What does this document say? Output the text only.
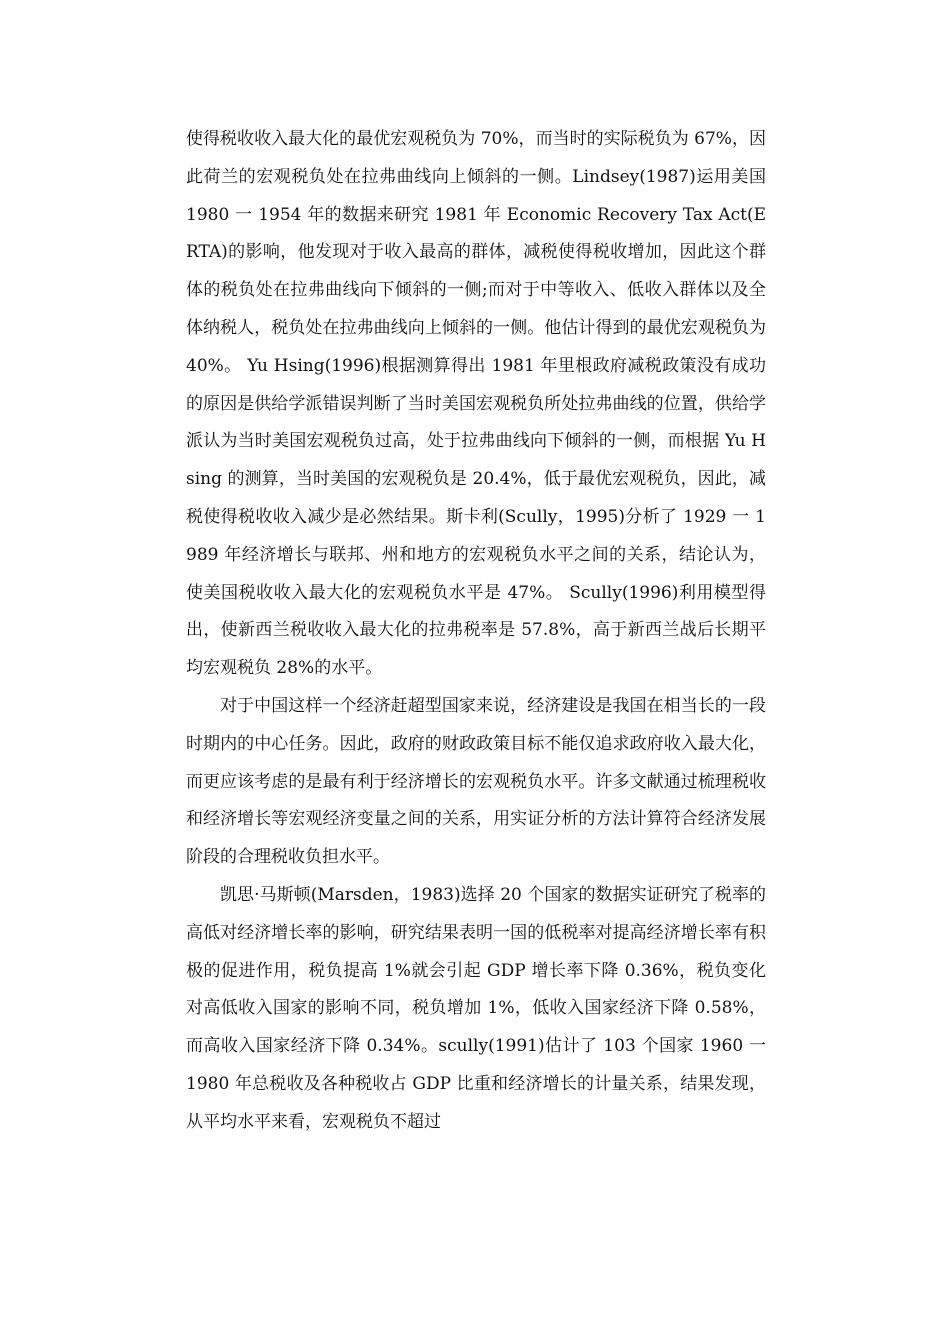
使得税收收入最大化的最优宏观税负为 70%，而当时的实际税负为 67%，因此荷兰的宏观税负处在拉弗曲线向上倾斜的一侧。Lindsey(1987)运用美国 1980 一 1954 年的数据来研究 1981 年 Economic Recovery Tax Act(ERTA)的影响，他发现对于收入最高的群体，减税使得税收增加，因此这个群体的税负处在拉弗曲线向下倾斜的一侧;而对于中等收入、低收入群体以及全体纳税人，税负处在拉弗曲线向上倾斜的一侧。他估计得到的最优宏观税负为 40%。 Yu Hsing(1996)根据测算得出 1981 年里根政府减税政策没有成功的原因是供给学派错误判断了当时美国宏观税负所处拉弗曲线的位置，供给学派认为当时美国宏观税负过高，处于拉弗曲线向下倾斜的一侧，而根据 Yu Hsing 的测算，当时美国的宏观税负是 20.4%，低于最优宏观税负，因此，减税使得税收收入减少是必然结果。斯卡利(Scully，1995)分析了 1929 一 1989 年经济增长与联邦、州和地方的宏观税负水平之间的关系，结论认为，使美国税收收入最大化的宏观税负水平是 47%。 Scully(1996)利用模型得出，使新西兰税收收入最大化的拉弗税率是 57.8%，高于新西兰战后长期平均宏观税负 28%的水平。

对于中国这样一个经济赶超型国家来说，经济建设是我国在相当长的一段时期内的中心任务。因此，政府的财政政策目标不能仅追求政府收入最大化，而更应该考虑的是最有利于经济增长的宏观税负水平。许多文献通过梳理税收和经济增长等宏观经济变量之间的关系，用实证分析的方法计算符合经济发展阶段的合理税收负担水平。

凯思·马斯顿(Marsden，1983)选择 20 个国家的数据实证研究了税率的高低对经济增长率的影响，研究结果表明一国的低税率对提高经济增长率有积极的促进作用，税负提高 1%就会引起 GDP 增长率下降 0.36%，税负变化对高低收入国家的影响不同，税负增加 1%，低收入国家经济下降 0.58%，而高收入国家经济下降 0.34%。scully(1991)估计了 103 个国家 1960 一 1980 年总税收及各种税收占 GDP 比重和经济增长的计量关系，结果发现，从平均水平来看，宏观税负不超过
